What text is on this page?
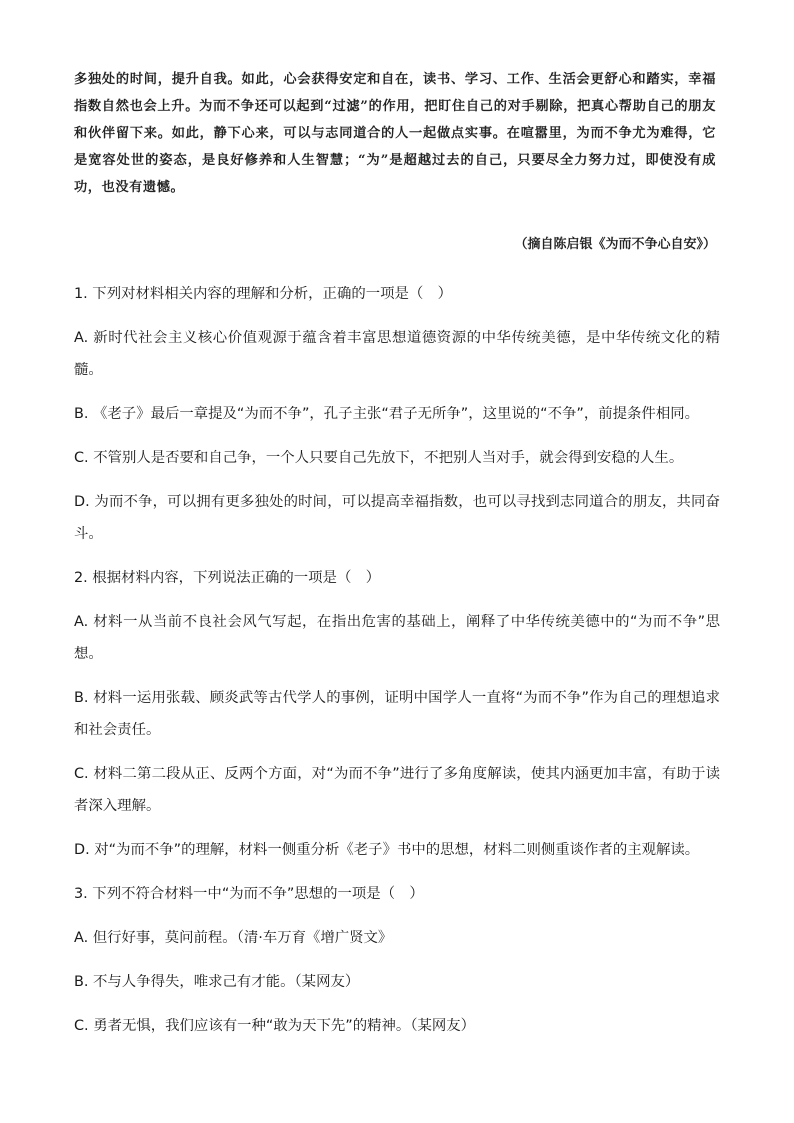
多独处的时间，提升自我。如此，心会获得安定和自在，读书、学习、工作、生活会更舒心和踏实，幸福指数自然也会上升。为而不争还可以起到“过滤”的作用，把盯住自己的对手剔除，把真心帮助自己的朋友和伙伴留下来。如此，静下心来，可以与志同道合的人一起做点实事。在喧嚣里，为而不争尤为难得，它是宽容处世的姿态，是良好修养和人生智慧；“为”是超越过去的自己，只要尽全力努力过，即使没有成功，也没有遗憾。

（摘自陈启银《为而不争心自安》）
1. 下列对材料相关内容的理解和分析，正确的一项是（　）
A. 新时代社会主义核心价值观源于蕴含着丰富思想道德资源的中华传统美德，是中华传统文化的精髓。
B. 《老子》最后一章提及“为而不争”，孔子主张“君子无所争”，这里说的“不争”，前提条件相同。
C. 不管别人是否要和自己争，一个人只要自己先放下，不把别人当对手，就会得到安稳的人生。
D. 为而不争，可以拥有更多独处的时间，可以提高幸福指数，也可以寻找到志同道合的朋友，共同奋斗。
2. 根据材料内容，下列说法正确的一项是（　）
A. 材料一从当前不良社会风气写起，在指出危害的基础上，阐释了中华传统美德中的“为而不争”思想。
B. 材料一运用张载、顾炎武等古代学人的事例，证明中国学人一直将“为而不争”作为自己的理想追求和社会责任。
C. 材料二第二段从正、反两个方面，对“为而不争”进行了多角度解读，使其内涵更加丰富，有助于读者深入理解。
D. 对“为而不争”的理解，材料一侧重分析《老子》书中的思想，材料二则侧重谈作者的主观解读。
3. 下列不符合材料一中“为而不争”思想的一项是（　）
A. 但行好事，莫问前程。（清·车万育《增广贤文》
B. 不与人争得失，唯求己有才能。（某网友）
C. 勇者无惧，我们应该有一种“敢为天下先”的精神。（某网友）
